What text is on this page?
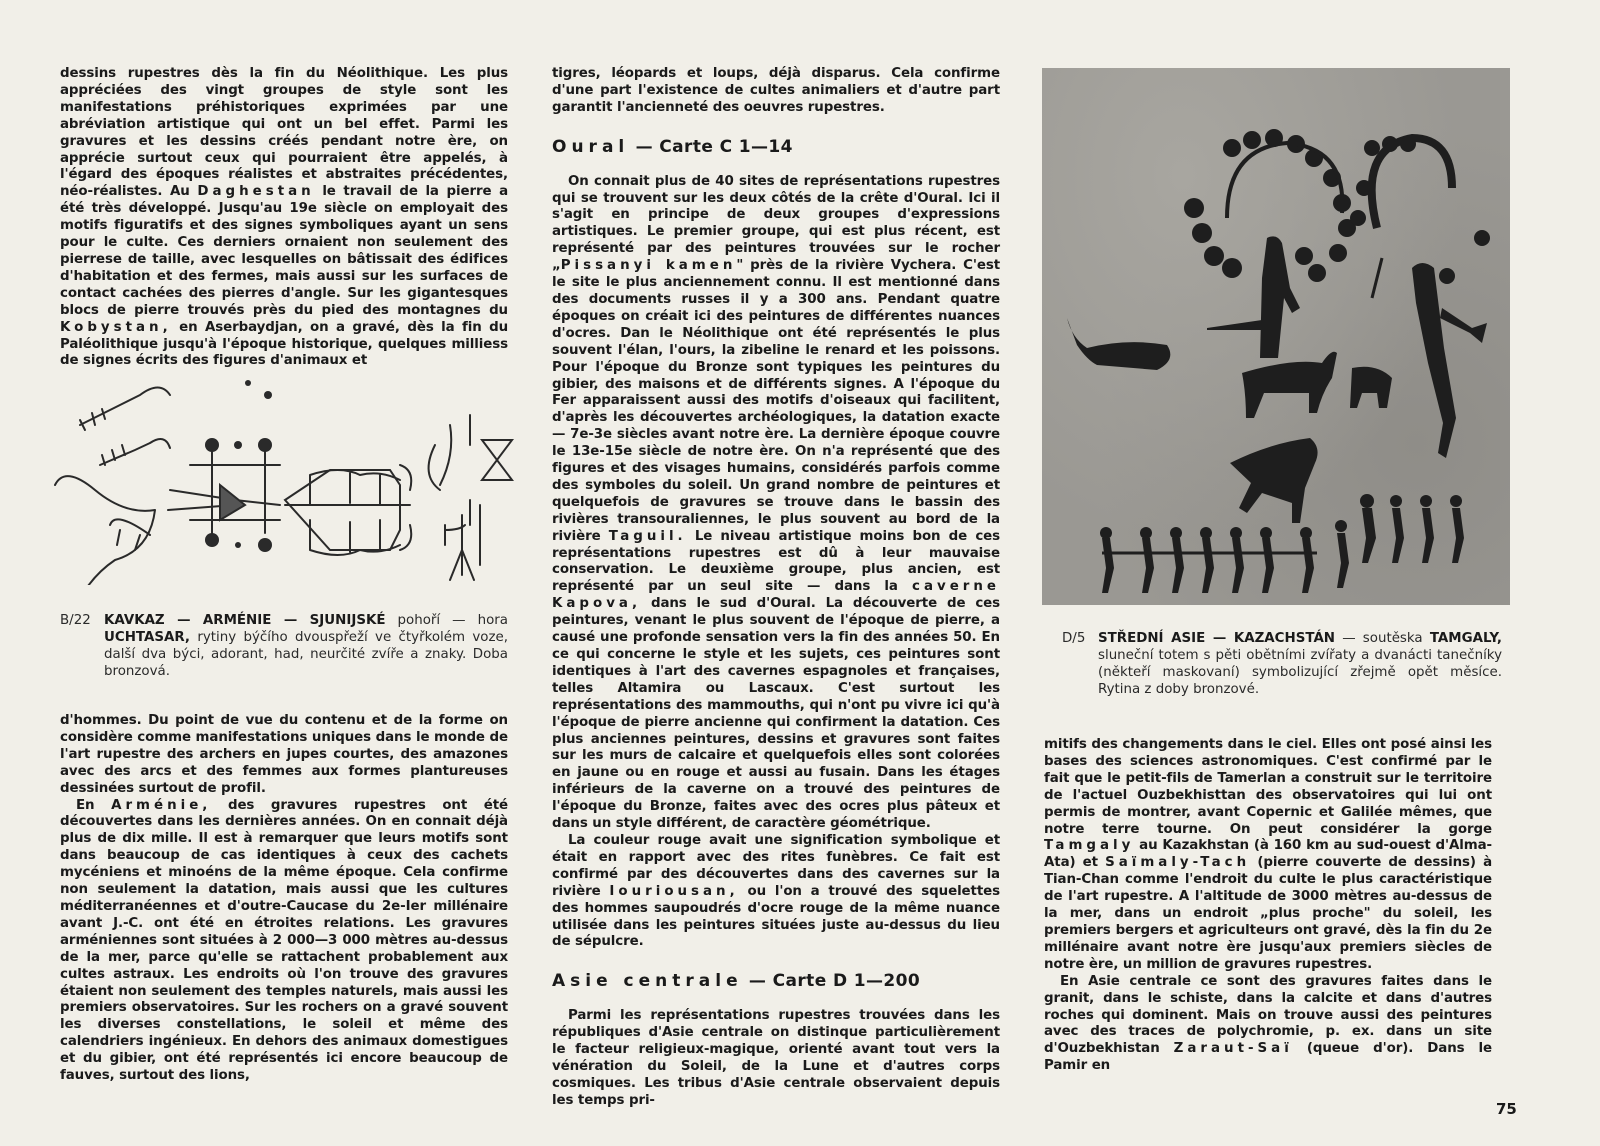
dessins rupestres dès la fin du Néolithique. Les plus appréciées des vingt groupes de style sont les manifestations préhistoriques exprimées par une abréviation artistique qui ont un bel effet. Parmi les gravures et les dessins créés pendant notre ère, on apprécie surtout ceux qui pourraient être appelés, à l'égard des époques réalistes et abstraites précédentes, néo-réalistes. Au Daghestan le travail de la pierre a été très développé. Jusqu'au 19e siècle on employait des motifs figuratifs et des signes symboliques ayant un sens pour le culte. Ces derniers ornaient non seulement des pierrese de taille, avec lesquelles on bâtissait des édifices d'habitation et des fermes, mais aussi sur les surfaces de contact cachées des pierres d'angle. Sur les gigantesques blocs de pierre trouvés près du pied des montagnes du Kobystan, en Aserbaydjan, on a gravé, dès la fin du Paléolithique jusqu'à l'époque historique, quelques milliess de signes écrits des figures d'animaux et

B/22 KAVKAZ — ARMÉNIE — SJUNIJSKÉ pohoří — hora UCHTASAR, rytiny býčího dvouspřeží ve čtyřkolém voze, další dva býci, adorant, had, neurčité zvíře a znaky. Doba bronzová.

d'hommes. Du point de vue du contenu et de la forme on considère comme manifestations uniques dans le monde de l'art rupestre des archers en jupes courtes, des amazones avec des arcs et des femmes aux formes plantureuses dessinées surtout de profil.

En Arménie, des gravures rupestres ont été découvertes dans les dernières années. On en connait déjà plus de dix mille. Il est à remarquer que leurs motifs sont dans beaucoup de cas identiques à ceux des cachets mycéniens et minoéns de la même époque. Cela confirme non seulement la datation, mais aussi que les cultures méditerranéennes et d'outre-Caucase du 2e-Ier millénaire avant J.-C. ont été en étroites relations. Les gravures arméniennes sont situées à 2 000—3 000 mètres au-dessus de la mer, parce qu'elle se rattachent probablement aux cultes astraux. Les endroits où l'on trouve des gravures étaient non seulement des temples naturels, mais aussi les premiers observatoires. Sur les rochers on a gravé souvent les diverses constellations, le soleil et même des calendriers ingénieux. En dehors des animaux domestigues et du gibier, ont été représentés ici encore beaucoup de fauves, surtout des lions,

tigres, léopards et loups, déjà disparus. Cela confirme d'une part l'existence de cultes animaliers et d'autre part garantit l'ancienneté des oeuvres rupestres.

Oural — Carte C 1—14

On connait plus de 40 sites de représentations rupestres qui se trouvent sur les deux côtés de la crête d'Oural. Ici il s'agit en principe de deux groupes d'expressions artistiques. Le premier groupe, qui est plus récent, est représenté par des peintures trouvées sur le rocher „Pissanyi kamen" près de la rivière Vychera. C'est le site le plus anciennement connu. Il est mentionné dans des documents russes il y a 300 ans. Pendant quatre époques on créait ici des peintures de différentes nuances d'ocres. Dan le Néolithique ont été représentés le plus souvent l'élan, l'ours, la zibeline le renard et les poissons. Pour l'époque du Bronze sont typiques les peintures du gibier, des maisons et de différents signes. A l'époque du Fer apparaissent aussi des motifs d'oiseaux qui facilitent, d'après les découvertes archéologiques, la datation exacte — 7e-3e siècles avant notre ère. La dernière époque couvre le 13e-15e siècle de notre ère. On n'a représenté que des figures et des visages humains, considérés parfois comme des symboles du soleil. Un grand nombre de peintures et quelquefois de gravures se trouve dans le bassin des rivières transouraliennes, le plus souvent au bord de la rivière Taguil. Le niveau artistique moins bon de ces représentations rupestres est dû à leur mauvaise conservation. Le deuxième groupe, plus ancien, est représenté par un seul site — dans la caverne Kapova, dans le sud d'Oural. La découverte de ces peintures, venant le plus souvent de l'époque de pierre, a causé une profonde sensation vers la fin des années 50. En ce qui concerne le style et les sujets, ces peintures sont identiques à l'art des cavernes espagnoles et françaises, telles Altamira ou Lascaux. C'est surtout les représentations des mammouths, qui n'ont pu vivre ici qu'à l'époque de pierre ancienne qui confirment la datation. Ces plus anciennes peintures, dessins et gravures sont faites sur les murs de calcaire et quelquefois elles sont colorées en jaune ou en rouge et aussi au fusain. Dans les étages inférieurs de la caverne on a trouvé des peintures de l'époque du Bronze, faites avec des ocres plus pâteux et dans un style différent, de caractère géométrique.

La couleur rouge avait une signification symbolique et était en rapport avec des rites funèbres. Ce fait est confirmé par des découvertes dans des cavernes sur la rivière Iouriousan, ou l'on a trouvé des squelettes des hommes saupoudrés d'ocre rouge de la même nuance utilisée dans les peintures situées juste au-dessus du lieu de sépulcre.

Asie centrale — Carte D 1—200

Parmi les représentations rupestres trouvées dans les républiques d'Asie centrale on distinque particulièrement le facteur religieux-magique, orienté avant tout vers la vénération du Soleil, de la Lune et d'autres corps cosmiques. Les tribus d'Asie centrale observaient depuis les temps pri-

D/5 STŘEDNÍ ASIE — KAZACHSTÁN — soutěska TAMGALY, sluneční totem s pěti obětními zvířaty a dvanácti tanečníky (někteří maskovaní) symbolizující zřejmě opět měsíce. Rytina z doby bronzové.

mitifs des changements dans le ciel. Elles ont posé ainsi les bases des sciences astronomiques. C'est confirmé par le fait que le petit-fils de Tamerlan a construit sur le territoire de l'actuel Ouzbekhisttan des observatoires qui lui ont permis de montrer, avant Copernic et Galilée mêmes, que notre terre tourne. On peut considérer la gorge Tamgaly au Kazakhstan (à 160 km au sud-ouest d'Alma-Ata) et Saïmaly-Tach (pierre couverte de dessins) à Tian-Chan comme l'endroit du culte le plus caractéristique de l'art rupestre. A l'altitude de 3000 mètres au-dessus de la mer, dans un endroit „plus proche" du soleil, les premiers bergers et agriculteurs ont gravé, dès la fin du 2e millénaire avant notre ère jusqu'aux premiers siècles de notre ère, un million de gravures rupestres.

En Asie centrale ce sont des gravures faites dans le granit, dans le schiste, dans la calcite et dans d'autres roches qui dominent. Mais on trouve aussi des peintures avec des traces de polychromie, p. ex. dans un site d'Ouzbekhistan Zaraut-Saï (queue d'or). Dans le Pamir en

75
